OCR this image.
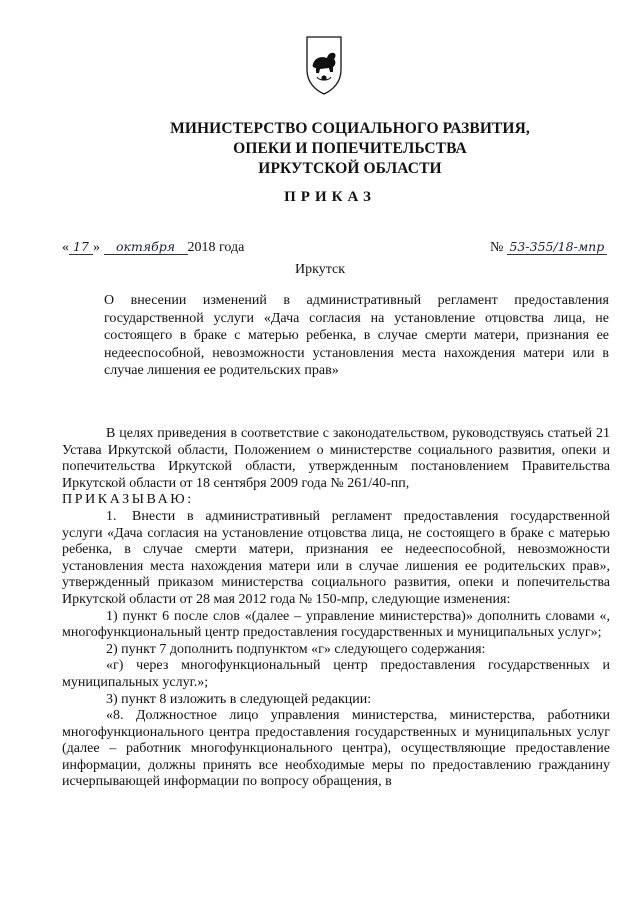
МИНИСТЕРСТВО СОЦИАЛЬНОГО РАЗВИТИЯ,
ОПЕКИ И ПОПЕЧИТЕЛЬСТВА
ИРКУТСКОЙ ОБЛАСТИ
ПРИКАЗ
« 17 » октября 2018 года	№ 53-355/18-мпр
Иркутск
О внесении изменений в административный регламент предоставления государственной услуги «Дача согласия на установление отцовства лица, не состоящего в браке с матерью ребенка, в случае смерти матери, признания ее недееспособной, невозможности установления места нахождения матери или в случае лишения ее родительских прав»

В целях приведения в соответствие с законодательством, руководствуясь статьей 21 Устава Иркутской области, Положением о министерстве социального развития, опеки и попечительства Иркутской области, утвержденным постановлением Правительства Иркутской области от 18 сентября 2009 года № 261/40-пп,

ПРИКАЗЫВАЮ:

1. Внести в административный регламент предоставления государственной услуги «Дача согласия на установление отцовства лица, не состоящего в браке с матерью ребенка, в случае смерти матери, признания ее недееспособной, невозможности установления места нахождения матери или в случае лишения ее родительских прав», утвержденный приказом министерства социального развития, опеки и попечительства Иркутской области от 28 мая 2012 года № 150-мпр, следующие изменения:

1) пункт 6 после слов «(далее – управление министерства)» дополнить словами «, многофункциональный центр предоставления государственных и муниципальных услуг»;

2) пункт 7 дополнить подпунктом «г» следующего содержания:

«г) через многофункциональный центр предоставления государственных и муниципальных услуг.»;

3) пункт 8 изложить в следующей редакции:

«8. Должностное лицо управления министерства, министерства, работники многофункционального центра предоставления государственных и муниципальных услуг (далее – работник многофункционального центра), осуществляющие предоставление информации, должны принять все необходимые меры по предоставлению гражданину исчерпывающей информации по вопросу обращения, в
